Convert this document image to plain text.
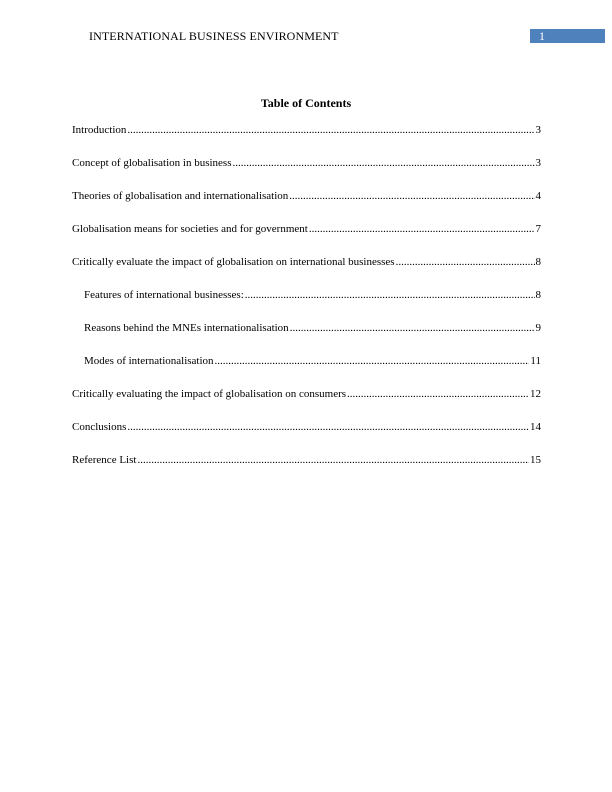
INTERNATIONAL BUSINESS ENVIRONMENT	1
Table of Contents
Introduction .....	3
Concept of globalisation in business .....	3
Theories of globalisation and internationalisation .....	4
Globalisation means for societies and for government .....	7
Critically evaluate the impact of globalisation on international businesses .....	8
Features of international businesses: .....	8
Reasons behind the MNEs internationalisation .....	9
Modes of internationalisation .....	11
Critically evaluating the impact of globalisation on consumers .....	12
Conclusions .....	14
Reference List .....	15
